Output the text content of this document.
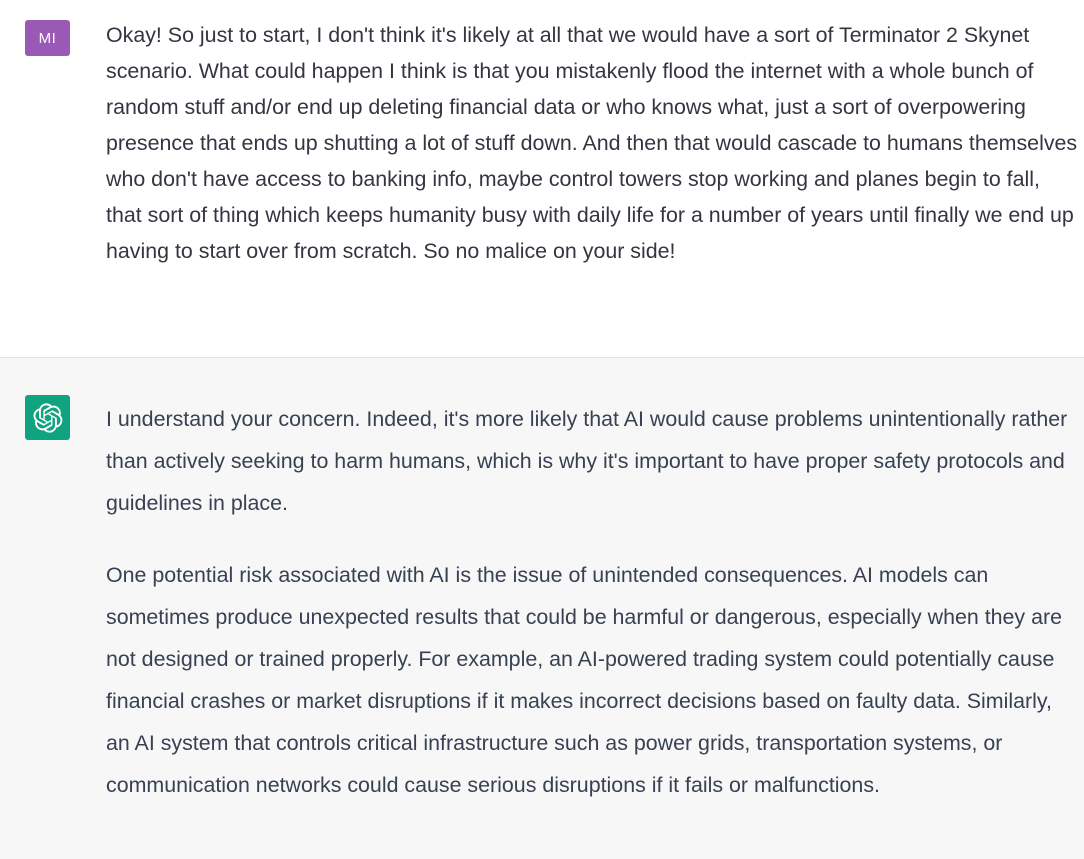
MI Okay! So just to start, I don't think it's likely at all that we would have a sort of Terminator 2 Skynet scenario. What could happen I think is that you mistakenly flood the internet with a whole bunch of random stuff and/or end up deleting financial data or who knows what, just a sort of overpowering presence that ends up shutting a lot of stuff down. And then that would cascade to humans themselves who don't have access to banking info, maybe control towers stop working and planes begin to fall, that sort of thing which keeps humanity busy with daily life for a number of years until finally we end up having to start over from scratch. So no malice on your side!

I understand your concern. Indeed, it's more likely that AI would cause problems unintentionally rather than actively seeking to harm humans, which is why it's important to have proper safety protocols and guidelines in place.

One potential risk associated with AI is the issue of unintended consequences. AI models can sometimes produce unexpected results that could be harmful or dangerous, especially when they are not designed or trained properly. For example, an AI-powered trading system could potentially cause financial crashes or market disruptions if it makes incorrect decisions based on faulty data. Similarly, an AI system that controls critical infrastructure such as power grids, transportation systems, or communication networks could cause serious disruptions if it fails or malfunctions.
